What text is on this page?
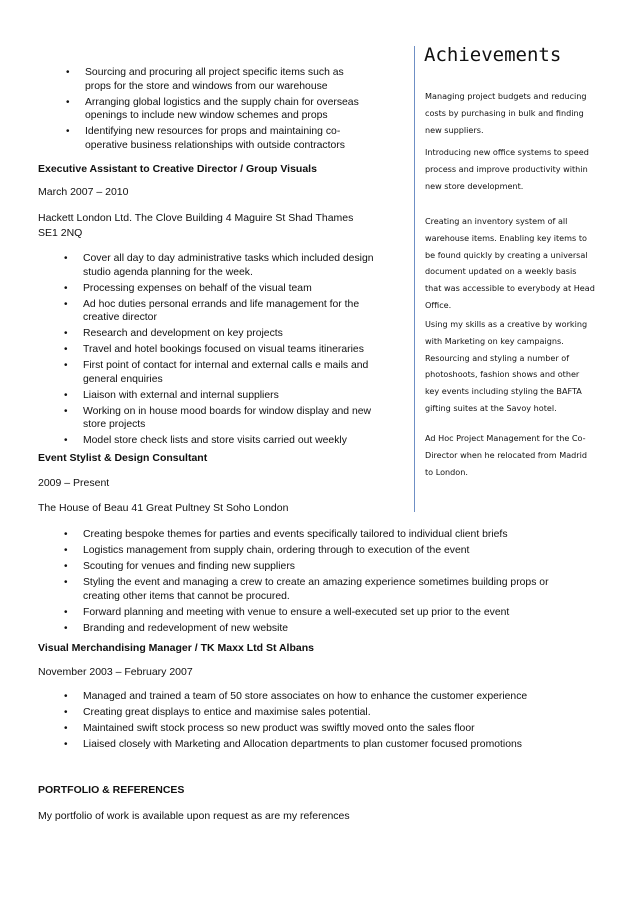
• Sourcing and procuring all project specific items such as props for the store and windows from our warehouse
• Arranging global logistics and the supply chain for overseas openings to include new window schemes and props
• Identifying new resources for props and maintaining co-operative business relationships with outside contractors
Executive Assistant to Creative Director / Group Visuals
March 2007 – 2010
Hackett London Ltd. The Clove Building 4 Maguire St Shad Thames
SE1 2NQ
• Cover all day to day administrative tasks which included design studio agenda planning for the week.
• Processing expenses on behalf of the visual team
• Ad hoc duties personal errands and life management for the creative director
• Research and development on key projects
• Travel and hotel bookings focused on visual teams itineraries
• First point of contact for internal and external calls e mails and general enquiries
• Liaison with external and internal suppliers
• Working on in house mood boards for window display and new store projects
• Model store check lists and store visits carried out weekly
Event Stylist & Design Consultant
2009 – Present
The House of Beau 41 Great Pultney St Soho London
• Creating bespoke themes for parties and events specifically tailored to individual client briefs
• Logistics management from supply chain, ordering through to execution of the event
• Scouting for venues and finding new suppliers
• Styling the event and managing a crew to create an amazing experience sometimes building props or creating other items that cannot be procured.
• Forward planning and meeting with venue to ensure a well-executed set up prior to the event
• Branding and redevelopment of new website
Visual Merchandising Manager / TK Maxx Ltd St Albans
November 2003 – February 2007
• Managed and trained a team of 50 store associates on how to enhance the customer experience
• Creating great displays to entice and maximise sales potential.
• Maintained swift stock process so new product was swiftly moved onto the sales floor
• Liaised closely with Marketing and Allocation departments to plan customer focused promotions
PORTFOLIO & REFERENCES
My portfolio of work is available upon request as are my references
Achievements
Managing project budgets and reducing costs by purchasing in bulk and finding new suppliers.
Introducing new office systems to speed process and improve productivity within new store development.
Creating an inventory system of all warehouse items. Enabling key items to be found quickly by creating a universal document updated on a weekly basis that was accessible to everybody at Head Office.
Using my skills as a creative by working with Marketing on key campaigns. Resourcing and styling a number of photoshoots, fashion shows and other key events including styling the BAFTA gifting suites at the Savoy hotel.
Ad Hoc Project Management for the Co-Director when he relocated from Madrid to London.
